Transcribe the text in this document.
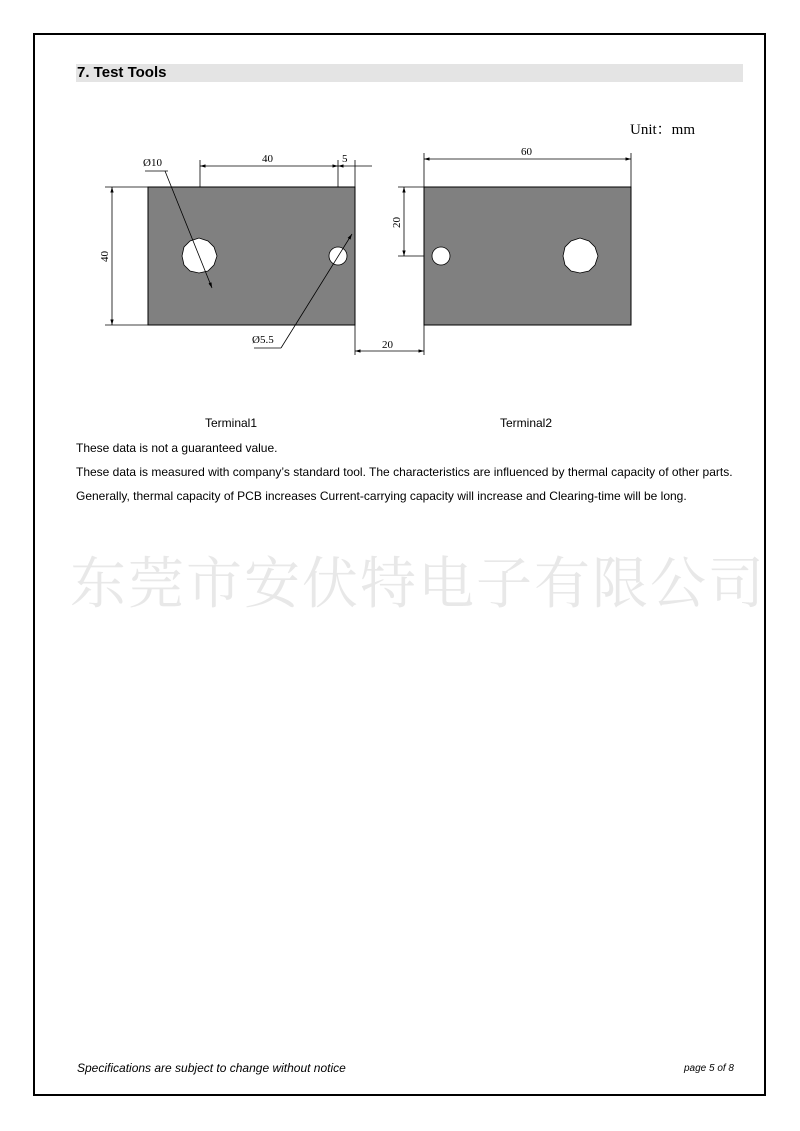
7. Test Tools
Unit：mm
40	5
40
Ø10
Ø5.5
60
20
20
Terminal1	Terminal2
These data is not a guaranteed value.
These data is measured with company’s standard tool. The characteristics are influenced by thermal capacity of other parts. Generally, thermal capacity of PCB increases Current-carrying capacity will increase and Clearing-time will be long.
东莞市安伏特电子有限公司
Specifications are subject to change without notice	page 5 of 8
